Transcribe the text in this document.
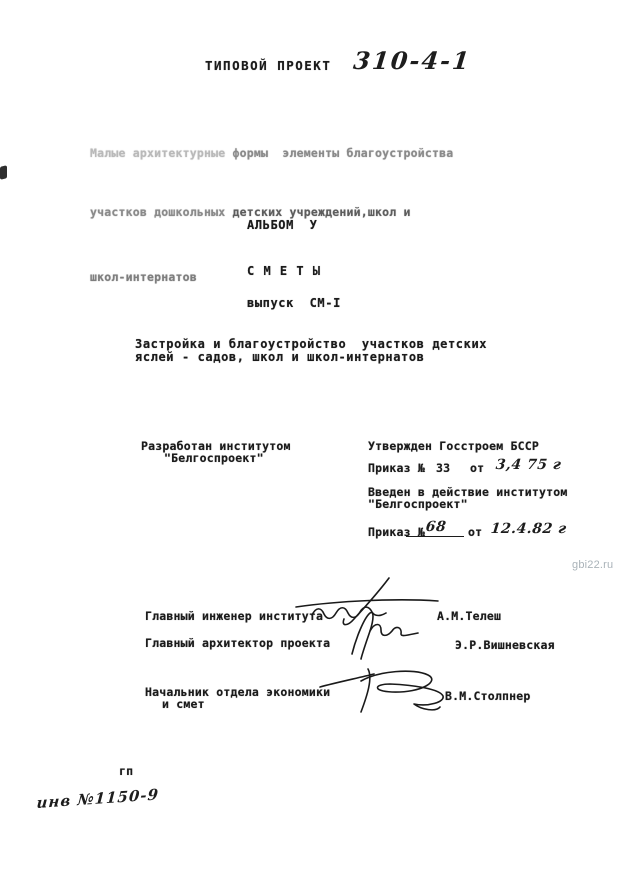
ТИПОВОЙ ПРОЕКТ 310-4-1

Малые архитектурные формы  элементы благоустройства

участков дошкольных детских учреждений,школ и

школ-интернатов

АЛЬБОМ  У
С М Е Т Ы
выпуск  СМ-I
Застройка и благоустройство  участков детских
яслей - садов, школ и школ-интернатов
Разработан институтом
"Белгоспроект"
Утвержден Госстроем БССР
Приказ № 33 от 3,4 75 г
Введен в действие институтом
"Белгоспроект"
Приказ № 68	от 12.4.82 г
gbi22.ru
Главный инженер института	А.М.Телеш
Главный архитектор проекта	Э.Р.Вишневская
Начальник отдела экономики
и смет
В.М.Столпнер
гп
инв №1150-9
